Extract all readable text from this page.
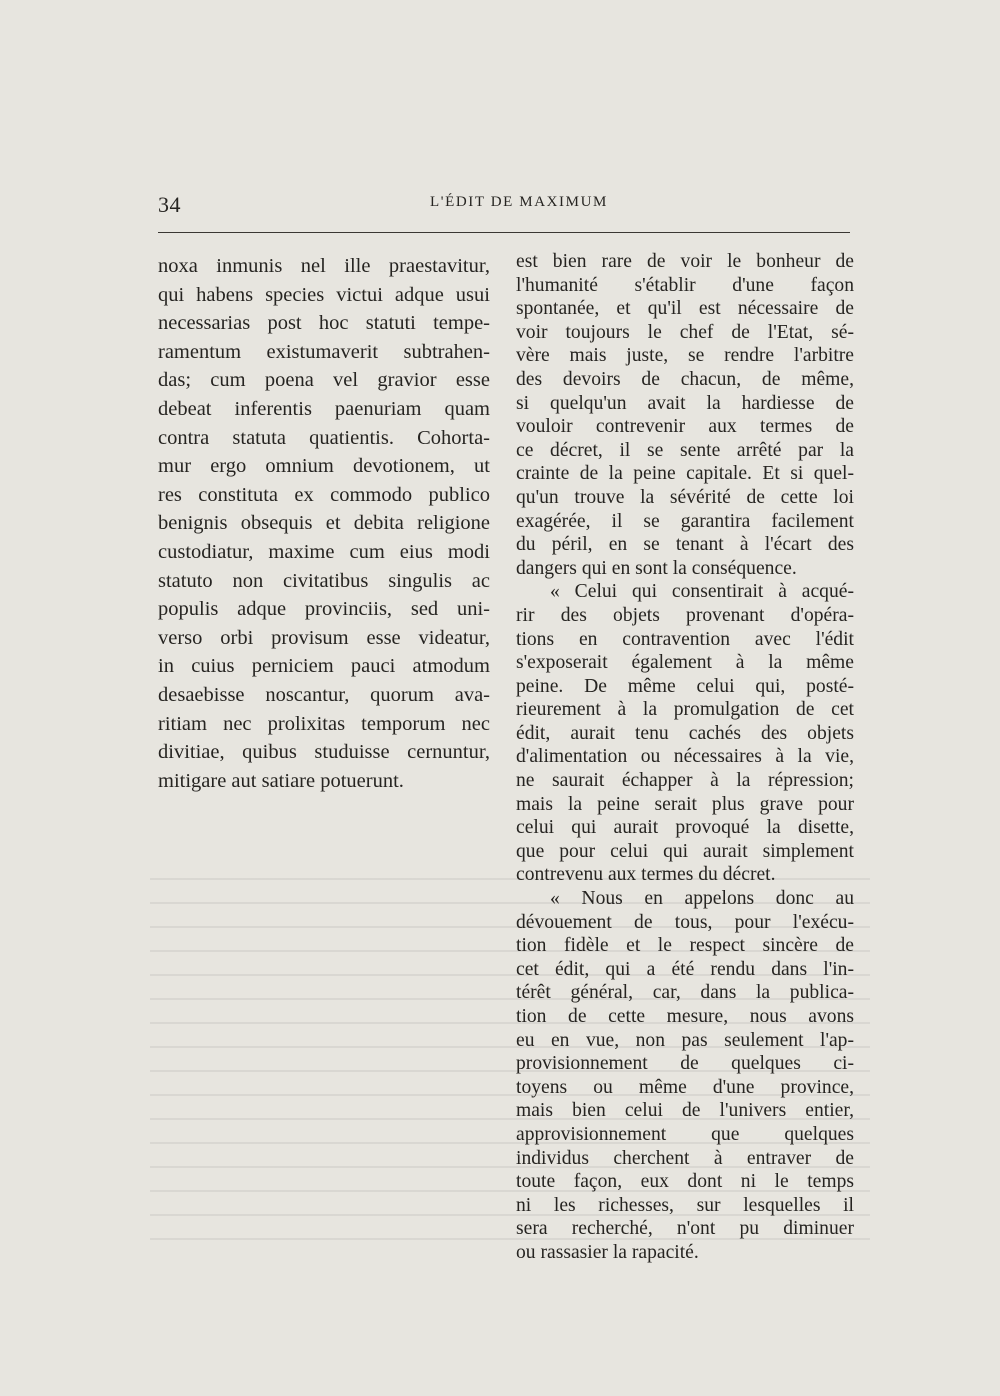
34	L'ÉDIT DE MAXIMUM
noxa inmunis nel ille praestavitur,
qui habens species victui adque usui
necessarias post hoc statuti tempe-
ramentum existumaverit subtrahen-
das; cum poena vel gravior esse
debeat inferentis paenuriam quam
contra statuta quatientis. Cohorta-
mur ergo omnium devotionem, ut
res constituta ex commodo publico
benignis obsequis et debita religione
custodiatur, maxime cum eius modi
statuto non civitatibus singulis ac
populis adque provinciis, sed uni-
verso orbi provisum esse videatur,
in cuius perniciem pauci atmodum
desaebisse noscantur, quorum ava-
ritiam nec prolixitas temporum nec
divitiae, quibus studuisse cernuntur,
mitigare aut satiare potuerunt.
est bien rare de voir le bonheur de
l'humanité s'établir d'une façon
spontanée, et qu'il est nécessaire de
voir toujours le chef de l'Etat, sé-
vère mais juste, se rendre l'arbitre
des devoirs de chacun, de même,
si quelqu'un avait la hardiesse de
vouloir contrevenir aux termes de
ce décret, il se sente arrêté par la
crainte de la peine capitale. Et si quel-
qu'un trouve la sévérité de cette loi
exagérée, il se garantira facilement
du péril, en se tenant à l'écart des
dangers qui en sont la conséquence.
« Celui qui consentirait à acqué-
rir des objets provenant d'opéra-
tions en contravention avec l'édit
s'exposerait également à la même
peine. De même celui qui, posté-
rieurement à la promulgation de cet
édit, aurait tenu cachés des objets
d'alimentation ou nécessaires à la vie,
ne saurait échapper à la répression;
mais la peine serait plus grave pour
celui qui aurait provoqué la disette,
que pour celui qui aurait simplement
contrevenu aux termes du décret.
« Nous en appelons donc au
dévouement de tous, pour l'exécu-
tion fidèle et le respect sincère de
cet édit, qui a été rendu dans l'in-
térêt général, car, dans la publica-
tion de cette mesure, nous avons
eu en vue, non pas seulement l'ap-
provisionnement de quelques ci-
toyens ou même d'une province,
mais bien celui de l'univers entier,
approvisionnement que quelques
individus cherchent à entraver de
toute façon, eux dont ni le temps
ni les richesses, sur lesquelles il
sera recherché, n'ont pu diminuer
ou rassasier la rapacité.
